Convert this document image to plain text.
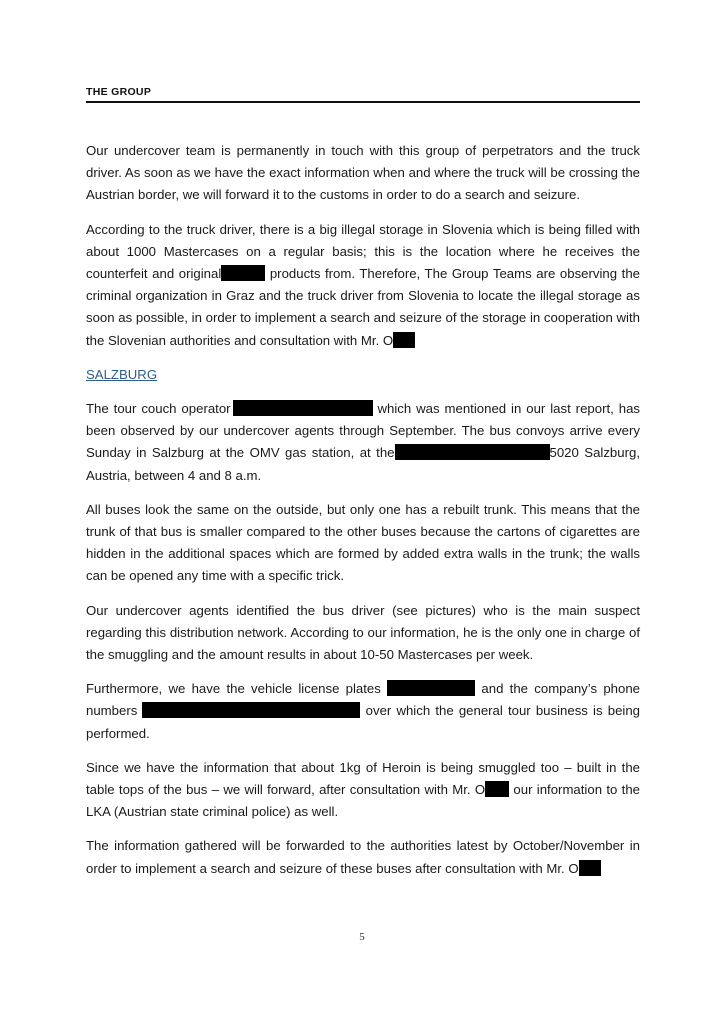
THE GROUP

Our undercover team is permanently in touch with this group of perpetrators and the truck driver. As soon as we have the exact information when and where the truck will be crossing the Austrian border, we will forward it to the customs in order to do a search and seizure.

According to the truck driver, there is a big illegal storage in Slovenia which is being filled with about 1000 Mastercases on a regular basis; this is the location where he receives the counterfeit and original	products from. Therefore, The Group Teams are observing the criminal organization in Graz and the truck driver from Slovenia to locate the illegal storage as soon as possible, in order to implement a search and seizure of the storage in cooperation with the Slovenian authorities and consultation with Mr. O

SALZBURG

The tour couch operator	which was mentioned in our last report, has been observed by our undercover agents through September. The bus convoys arrive every Sunday in Salzburg at the OMV gas station, at the	5020 Salzburg, Austria, between 4 and 8 a.m.

All buses look the same on the outside, but only one has a rebuilt trunk. This means that the trunk of that bus is smaller compared to the other buses because the cartons of cigarettes are hidden in the additional spaces which are formed by added extra walls in the trunk; the walls can be opened any time with a specific trick.

Our undercover agents identified the bus driver (see pictures) who is the main suspect regarding this distribution network. According to our information, he is the only one in charge of the smuggling and the amount results in about 10-50 Mastercases per week.

Furthermore, we have the vehicle license plates	and the company’s phone numbers	over which the general tour business is being performed.

Since we have the information that about 1kg of Heroin is being smuggled too – built in the table tops of the bus – we will forward, after consultation with Mr. O our information to the LKA (Austrian state criminal police) as well.

The information gathered will be forwarded to the authorities latest by October/November in order to implement a search and seizure of these buses after consultation with Mr. O

5
